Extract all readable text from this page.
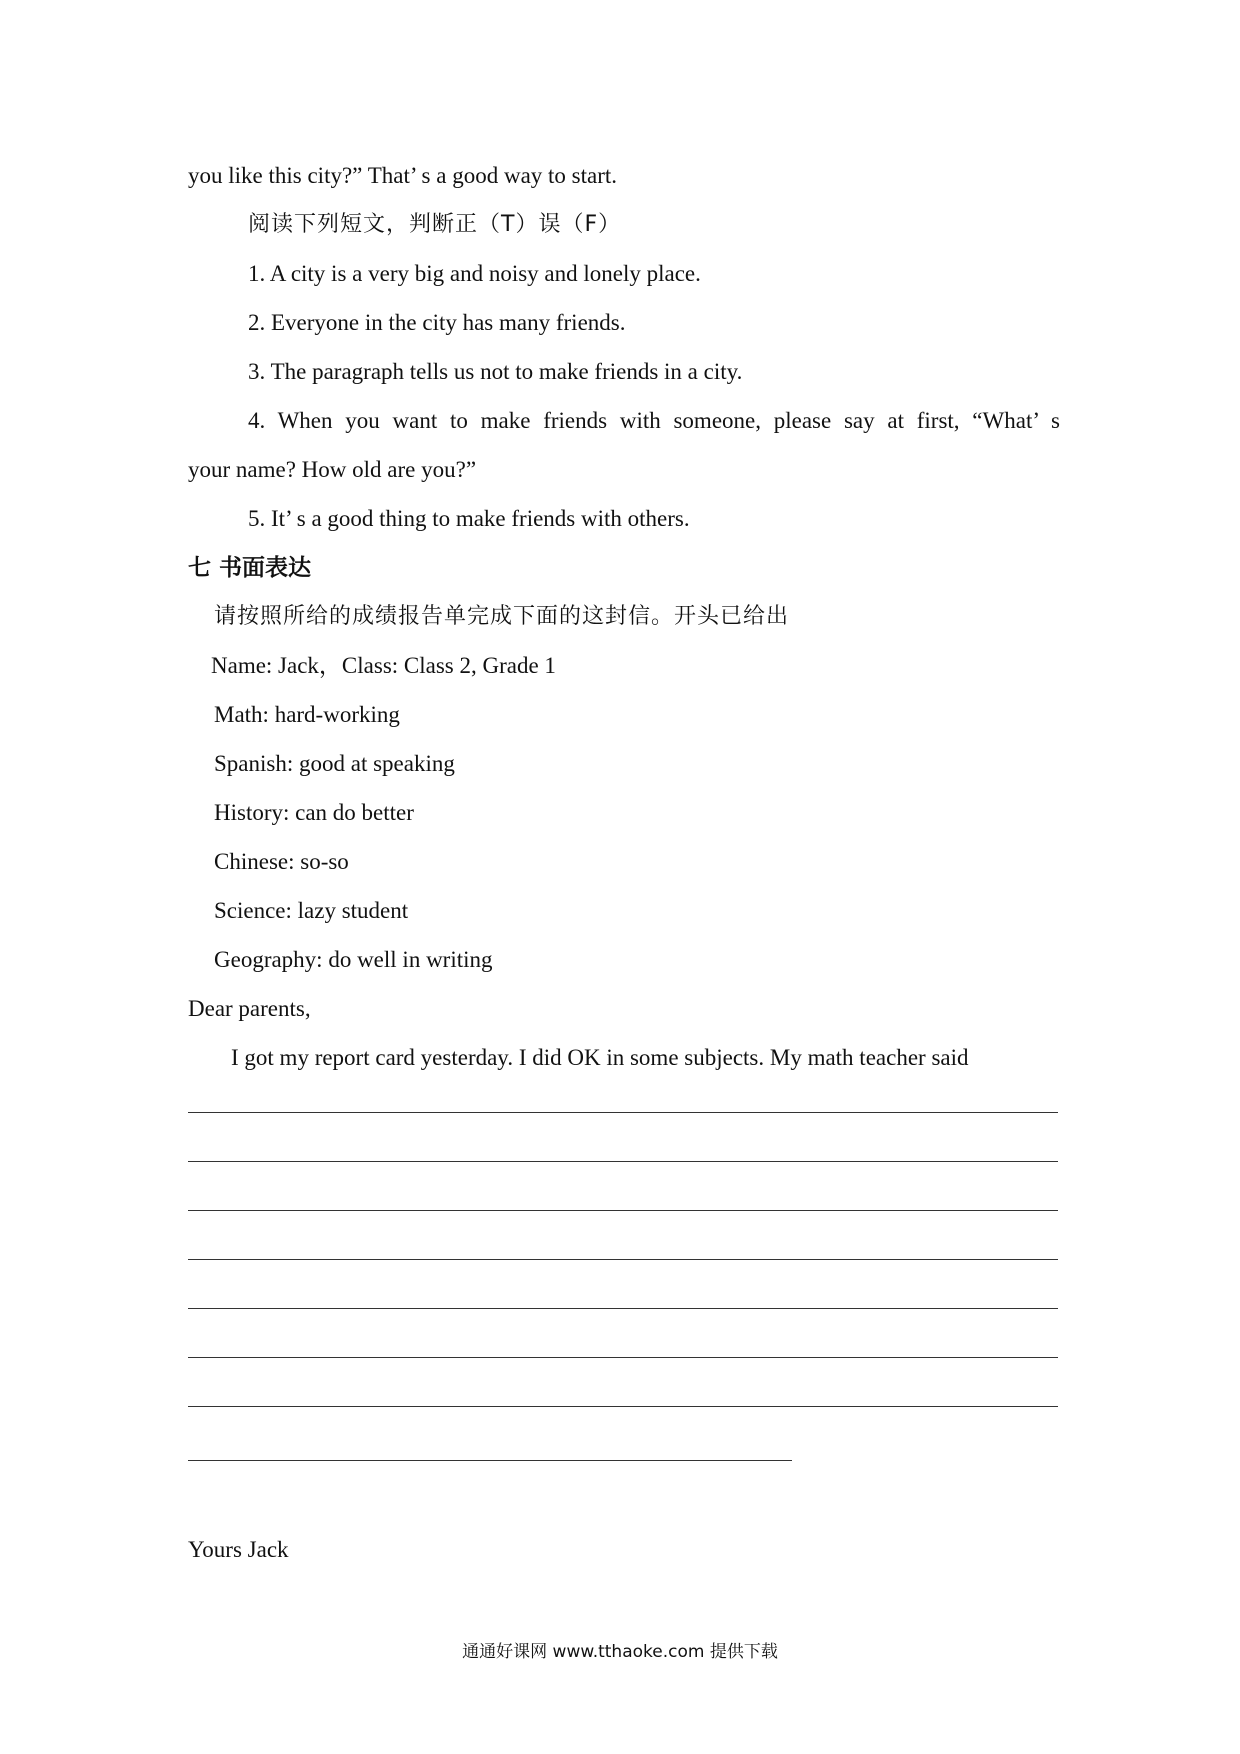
you like this city?” That’ s a good way to start.
阅读下列短文，判断正（T）误（F）
1. A city is a very big and noisy and lonely place.
2. Everyone in the city has many friends.
3. The paragraph tells us not to make friends in a city.
4. When you want to make friends with someone, please say at first, “What’ s
your name? How old are you?”
5. It’ s a good thing to make friends with others.
七 书面表达
请按照所给的成绩报告单完成下面的这封信。开头已给出
Name: Jack，Class: Class 2, Grade 1
Math: hard-working
Spanish: good at speaking
History: can do better
Chinese: so-so
Science: lazy student
Geography: do well in writing
Dear parents,
I got my report card yesterday. I did OK in some subjects. My math teacher said
Yours Jack
通通好课网 www.tthaoke.com 提供下载
